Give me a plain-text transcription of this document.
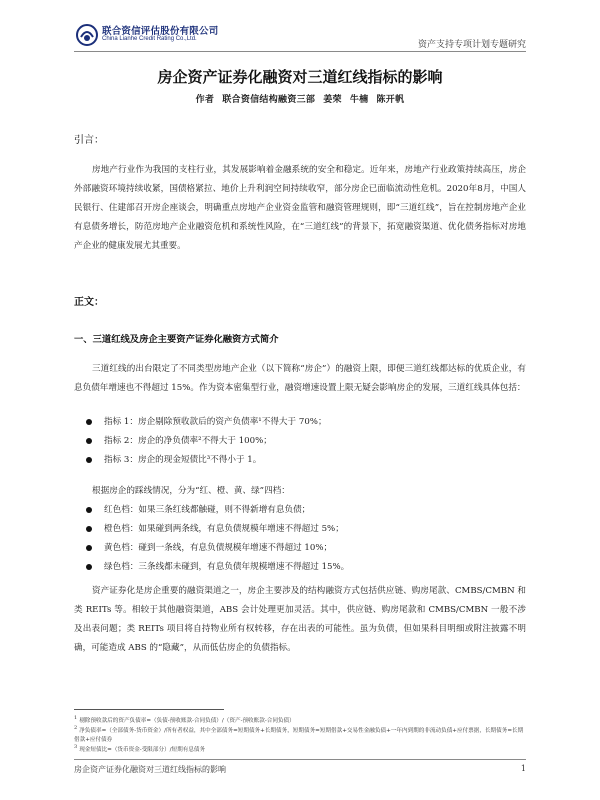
联合资信评估股份有限公司
China Lianhe Credit Rating Co.,Ltd.
资产支持专项计划专题研究
房企资产证券化融资对三道红线指标的影响
作者 联合资信结构融资三部 姜荣 牛楠 陈开帆
引言：

房地产行业作为我国的支柱行业，其发展影响着金融系统的安全和稳定。近年来，房地产行业政策持续高压，房企外部融资环境持续收紧，国债格紧拉、地价上升利润空间持续收窄，部分房企已面临流动性危机。2020年8月，中国人民银行、住建部召开房企座谈会，明确重点房地产企业资金监管和融资管理规则，即“三道红线”，旨在控制房地产企业有息债务增长，防范房地产企业融资危机和系统性风险，在“三道红线”的背景下，拓宽融资渠道、优化债务指标对房地产企业的健康发展尤其重要。

正文：
一、三道红线及房企主要资产证券化融资方式简介

三道红线的出台限定了不同类型房地产企业（以下简称“房企”）的融资上限，即便三道红线都达标的优质企业，有息负债年增速也不得超过 15%。作为资本密集型行业，融资增速设置上限无疑会影响房企的发展，三道红线具体包括：

指标 1：房企剔除预收款后的资产负债率¹不得大于 70%；
指标 2：房企的净负债率²不得大于 100%；
指标 3：房企的现金短债比³不得小于 1。
根据房企的踩线情况，分为“红、橙、黄、绿”四档：
红色档：如果三条红线都触碰，则不得新增有息负债；
橙色档：如果碰到两条线，有息负债规模年增速不得超过 5%；
黄色档：碰到一条线，有息负债规模年增速不得超过 10%；
绿色档：三条线都未碰到，有息负债年规模增速不得超过 15%。

资产证券化是房企重要的融资渠道之一，房企主要涉及的结构融资方式包括供应链、购房尾款、CMBS/CMBN 和类 REITs 等。相较于其他融资渠道，ABS 会计处理更加灵活。其中，供应链、购房尾款和 CMBS/CMBN 一般不涉及出表问题；类 REITs 项目将自持物业所有权转移，存在出表的可能性。虽为负债，但如果科目明细或附注披露不明确，可能造成 ABS 的“隐藏”，从而低估房企的负债指标。

$^1$ 剔除预收款后的资产负债率=（负债-预收账款-合同负债）/（资产-预收账款-合同负债）

$^2$ 净负债率=（全部债务-货币资金）/所有者权益，其中全部债务=短期债务+长期债务，短期债务=短期借款+交易性金融负债+一年内到期的非流动负债+应付票据，长期债务=长期借款+应付债券

$^3$ 现金短债比=（货币资金-受限部分）/短期有息债务

房企资产证券化融资对三道红线指标的影响	1
